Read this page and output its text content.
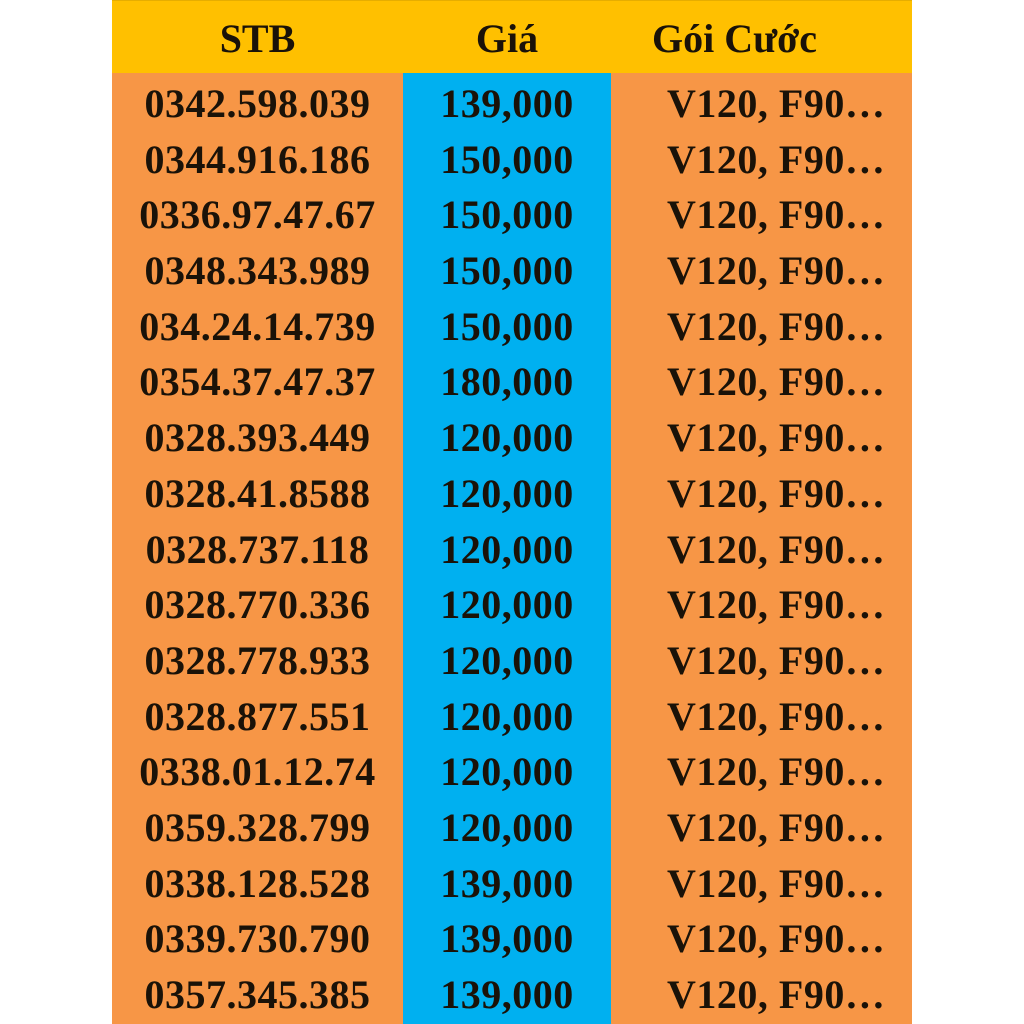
STB	Giá	Gói Cước
0342.598.039	139,000	V120, F90…
0344.916.186	150,000	V120, F90…
0336.97.47.67	150,000	V120, F90…
0348.343.989	150,000	V120, F90…
034.24.14.739	150,000	V120, F90…
0354.37.47.37	180,000	V120, F90…
0328.393.449	120,000	V120, F90…
0328.41.8588	120,000	V120, F90…
0328.737.118	120,000	V120, F90…
0328.770.336	120,000	V120, F90…
0328.778.933	120,000	V120, F90…
0328.877.551	120,000	V120, F90…
0338.01.12.74	120,000	V120, F90…
0359.328.799	120,000	V120, F90…
0338.128.528	139,000	V120, F90…
0339.730.790	139,000	V120, F90…
0357.345.385	139,000	V120, F90…
